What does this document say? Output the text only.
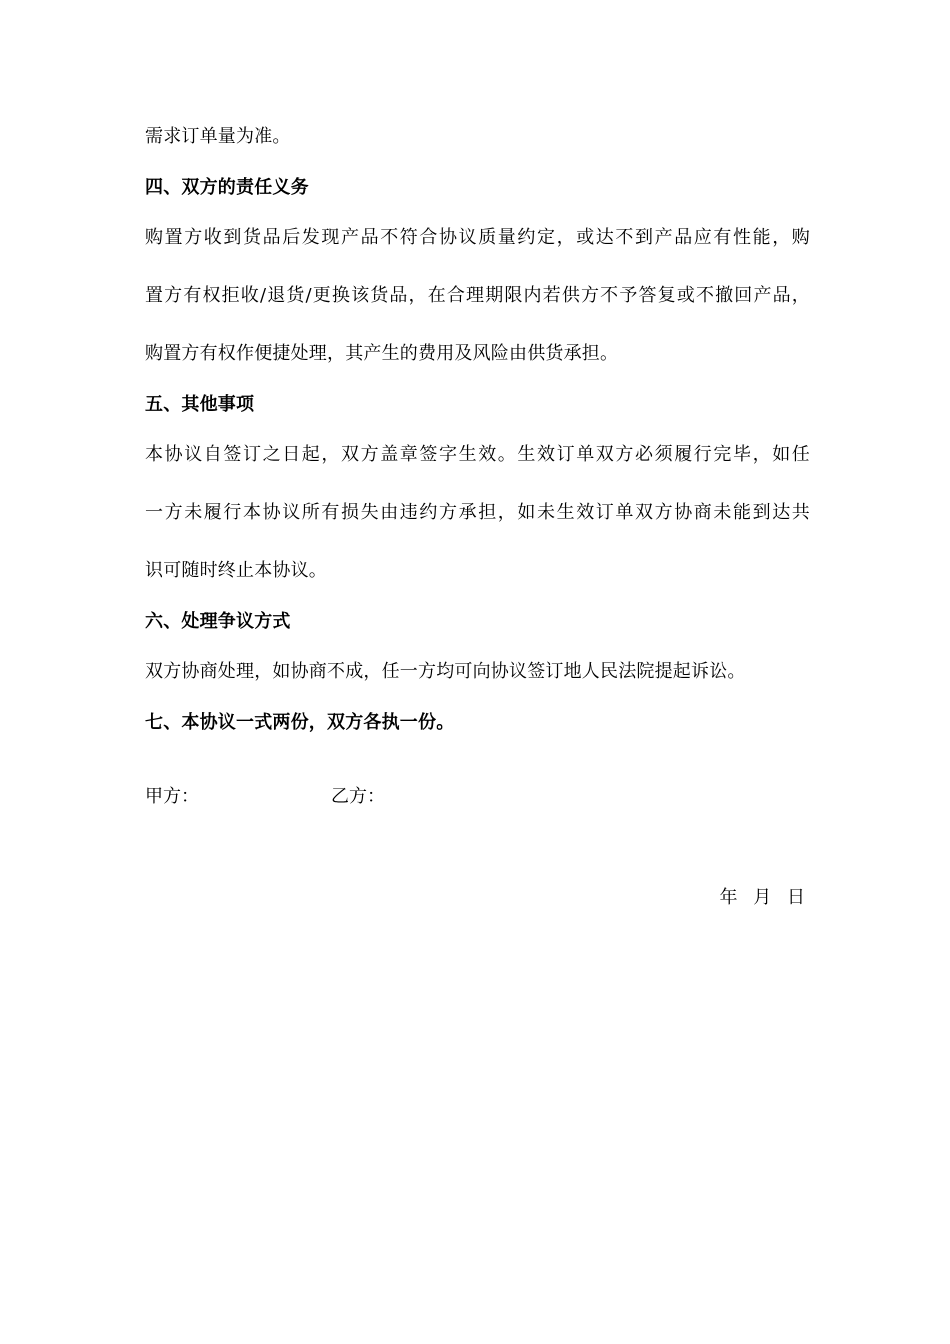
需求订单量为准。
四、双方的责任义务
购置方收到货品后发现产品不符合协议质量约定，或达不到产品应有性能，购
置方有权拒收/退货/更换该货品，在合理期限内若供方不予答复或不撤回产品，
购置方有权作便捷处理，其产生的费用及风险由供货承担。
五、其他事项
本协议自签订之日起，双方盖章签字生效。生效订单双方必须履行完毕，如任
一方未履行本协议所有损失由违约方承担，如未生效订单双方协商未能到达共
识可随时终止本协议。
六、处理争议方式
双方协商处理，如协商不成，任一方均可向协议签订地人民法院提起诉讼。
七、本协议一式两份，双方各执一份。
甲方：	乙方：
年 月 日
